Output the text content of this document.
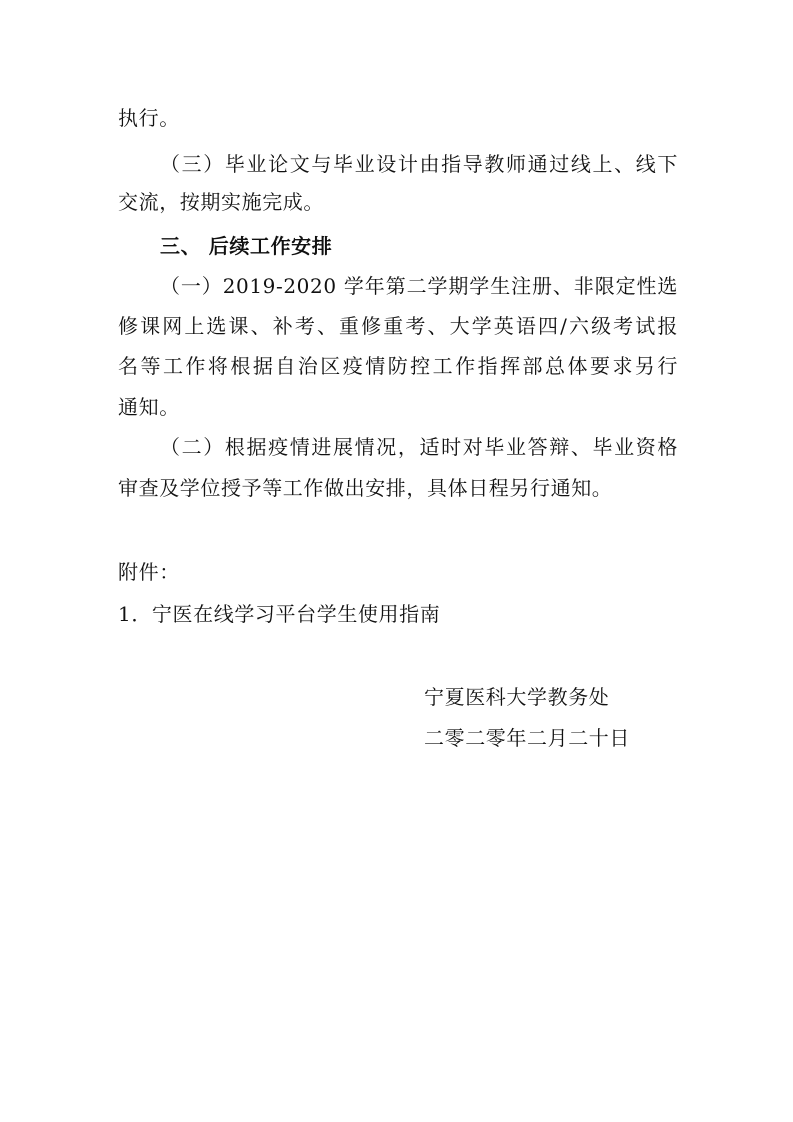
执行。
（三）毕业论文与毕业设计由指导教师通过线上、线下
交流，按期实施完成。
三、 后续工作安排
（一）2019-2020 学年第二学期学生注册、非限定性选
修课网上选课、补考、重修重考、大学英语四/六级考试报
名等工作将根据自治区疫情防控工作指挥部总体要求另行
通知。
（二）根据疫情进展情况，适时对毕业答辩、毕业资格
审查及学位授予等工作做出安排，具体日程另行通知。
附件：
1．宁医在线学习平台学生使用指南
宁夏医科大学教务处
二零二零年二月二十日
